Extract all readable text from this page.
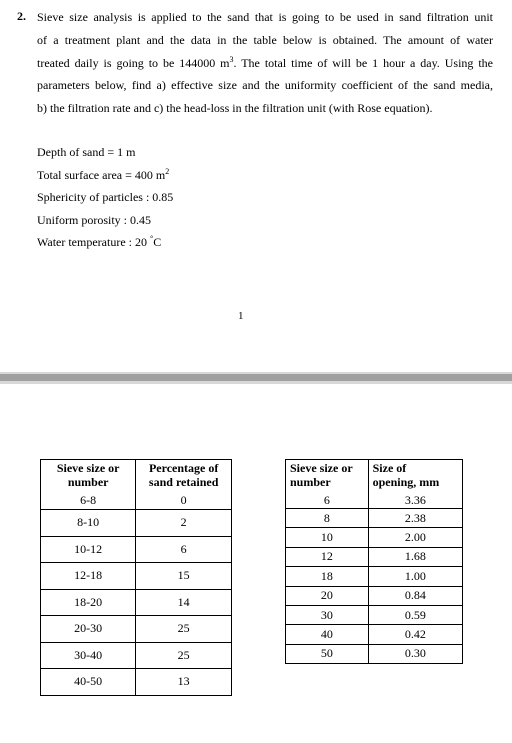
2. Sieve size analysis is applied to the sand that is going to be used in sand filtration unit
of a treatment plant and the data in the table below is obtained. The amount of water
treated daily is going to be 144000 $m^3$. The total time of will be 1 hour a day. Using the
parameters below, find a) effective size and the uniformity coefficient of the sand media,
b) the filtration rate and c) the head-loss in the filtration unit (with Rose equation).
Depth of sand = 1 m
Total surface area = 400 $m^2$
Sphericity of particles : 0.85
Uniform porosity : 0.45
Water temperature : 20 °C
1
Sieve size or
number	Percentage of
sand retained
6-8	0
8-10	2
10-12	6
12-18	15
18-20	14
20-30	25
30-40	25
40-50	13
Sieve size or
number	Size of
opening, mm
6	3.36
8	2.38
10	2.00
12	1.68
18	1.00
20	0.84
30	0.59
40	0.42
50	0.30
